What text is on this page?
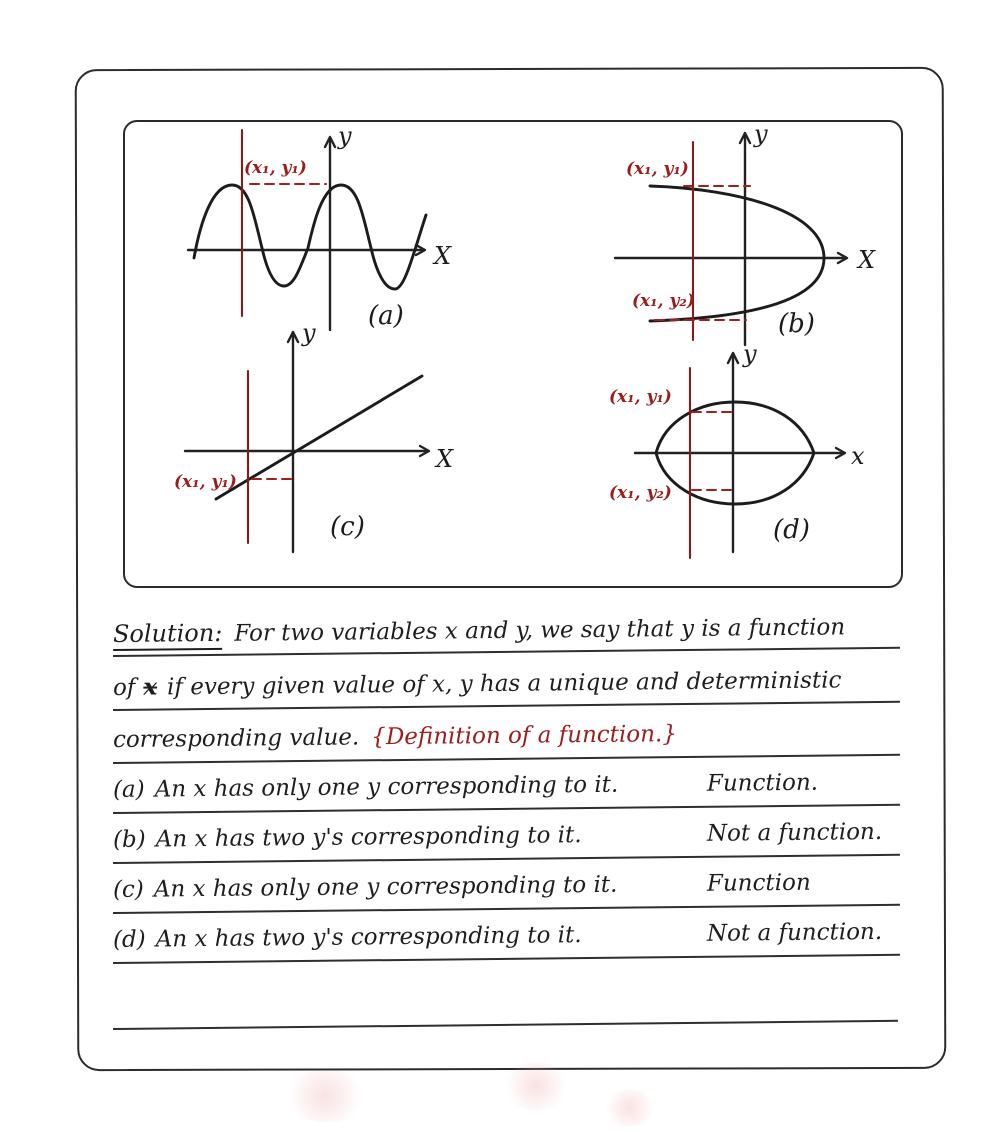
y
X
(x₁, y₁)
(a)
y
X
(x₁, y₁)
(x₁, y₂)
(b)
y
X
(x₁, y₁)
(c)
y
x
(x₁, y₁)
(x₁, y₂)
(d)
Solution: For two variables x and y, we say that y is a function
of x if every given value of x, y has a unique and deterministic
corresponding value. {Definition of a function.}
(a) An x has only one y corresponding to it.	Function.
(b) An x has two y's corresponding to it.	Not a function.
(c) An x has only one y corresponding to it.	Function
(d) An x has two y's corresponding to it.	Not a function.
